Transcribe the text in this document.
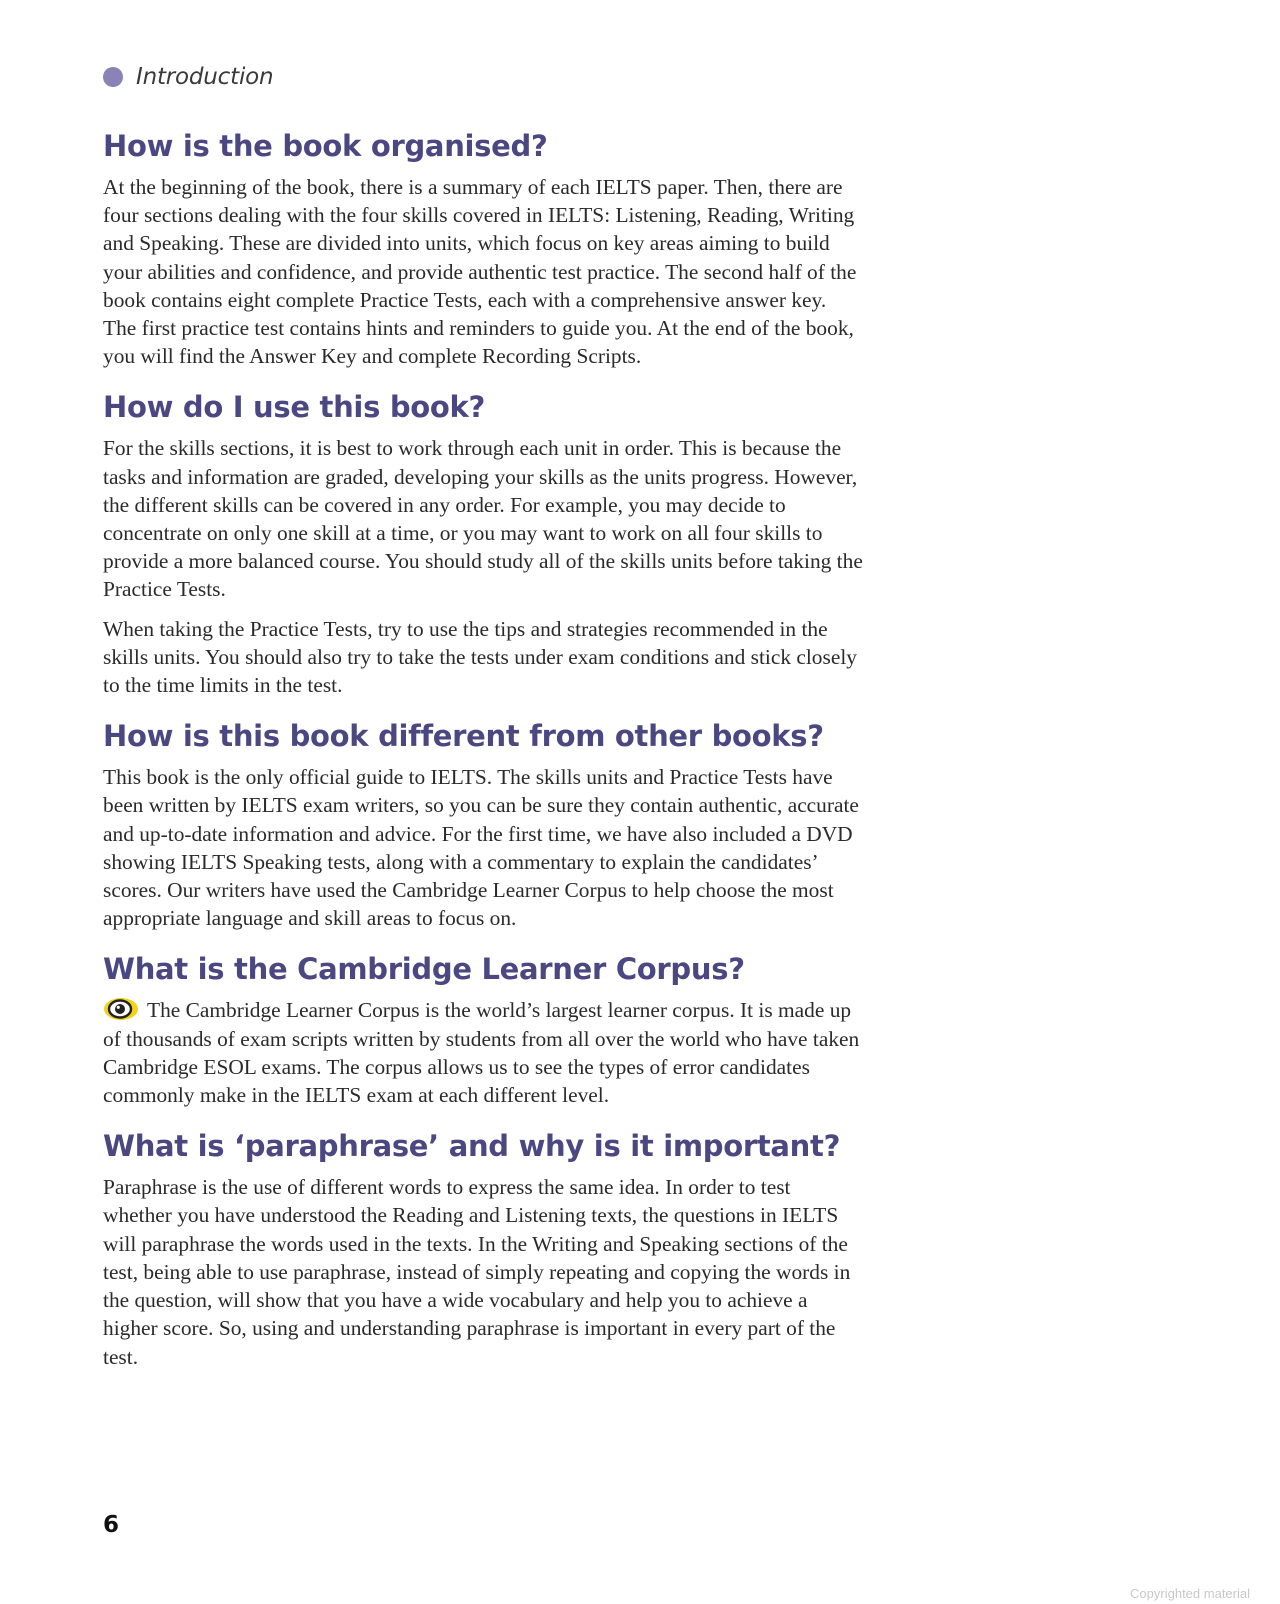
Introduction
How is the book organised?

At the beginning of the book, there is a summary of each IELTS paper. Then, there are four sections dealing with the four skills covered in IELTS: Listening, Reading, Writing and Speaking. These are divided into units, which focus on key areas aiming to build your abilities and confidence, and provide authentic test practice. The second half of the book contains eight complete Practice Tests, each with a comprehensive answer key. The first practice test contains hints and reminders to guide you. At the end of the book, you will find the Answer Key and complete Recording Scripts.

How do I use this book?

For the skills sections, it is best to work through each unit in order. This is because the tasks and information are graded, developing your skills as the units progress. However, the different skills can be covered in any order. For example, you may decide to concentrate on only one skill at a time, or you may want to work on all four skills to provide a more balanced course. You should study all of the skills units before taking the Practice Tests.

When taking the Practice Tests, try to use the tips and strategies recommended in the skills units. You should also try to take the tests under exam conditions and stick closely to the time limits in the test.

How is this book different from other books?

This book is the only official guide to IELTS. The skills units and Practice Tests have been written by IELTS exam writers, so you can be sure they contain authentic, accurate and up-to-date information and advice. For the first time, we have also included a DVD showing IELTS Speaking tests, along with a commentary to explain the candidates’ scores. Our writers have used the Cambridge Learner Corpus to help choose the most appropriate language and skill areas to focus on.

What is the Cambridge Learner Corpus?

The Cambridge Learner Corpus is the world’s largest learner corpus. It is made up of thousands of exam scripts written by students from all over the world who have taken Cambridge ESOL exams. The corpus allows us to see the types of error candidates commonly make in the IELTS exam at each different level.

What is ‘paraphrase’ and why is it important?

Paraphrase is the use of different words to express the same idea. In order to test whether you have understood the Reading and Listening texts, the questions in IELTS will paraphrase the words used in the texts. In the Writing and Speaking sections of the test, being able to use paraphrase, instead of simply repeating and copying the words in the question, will show that you have a wide vocabulary and help you to achieve a higher score. So, using and understanding paraphrase is important in every part of the test.

6
Copyrighted material
